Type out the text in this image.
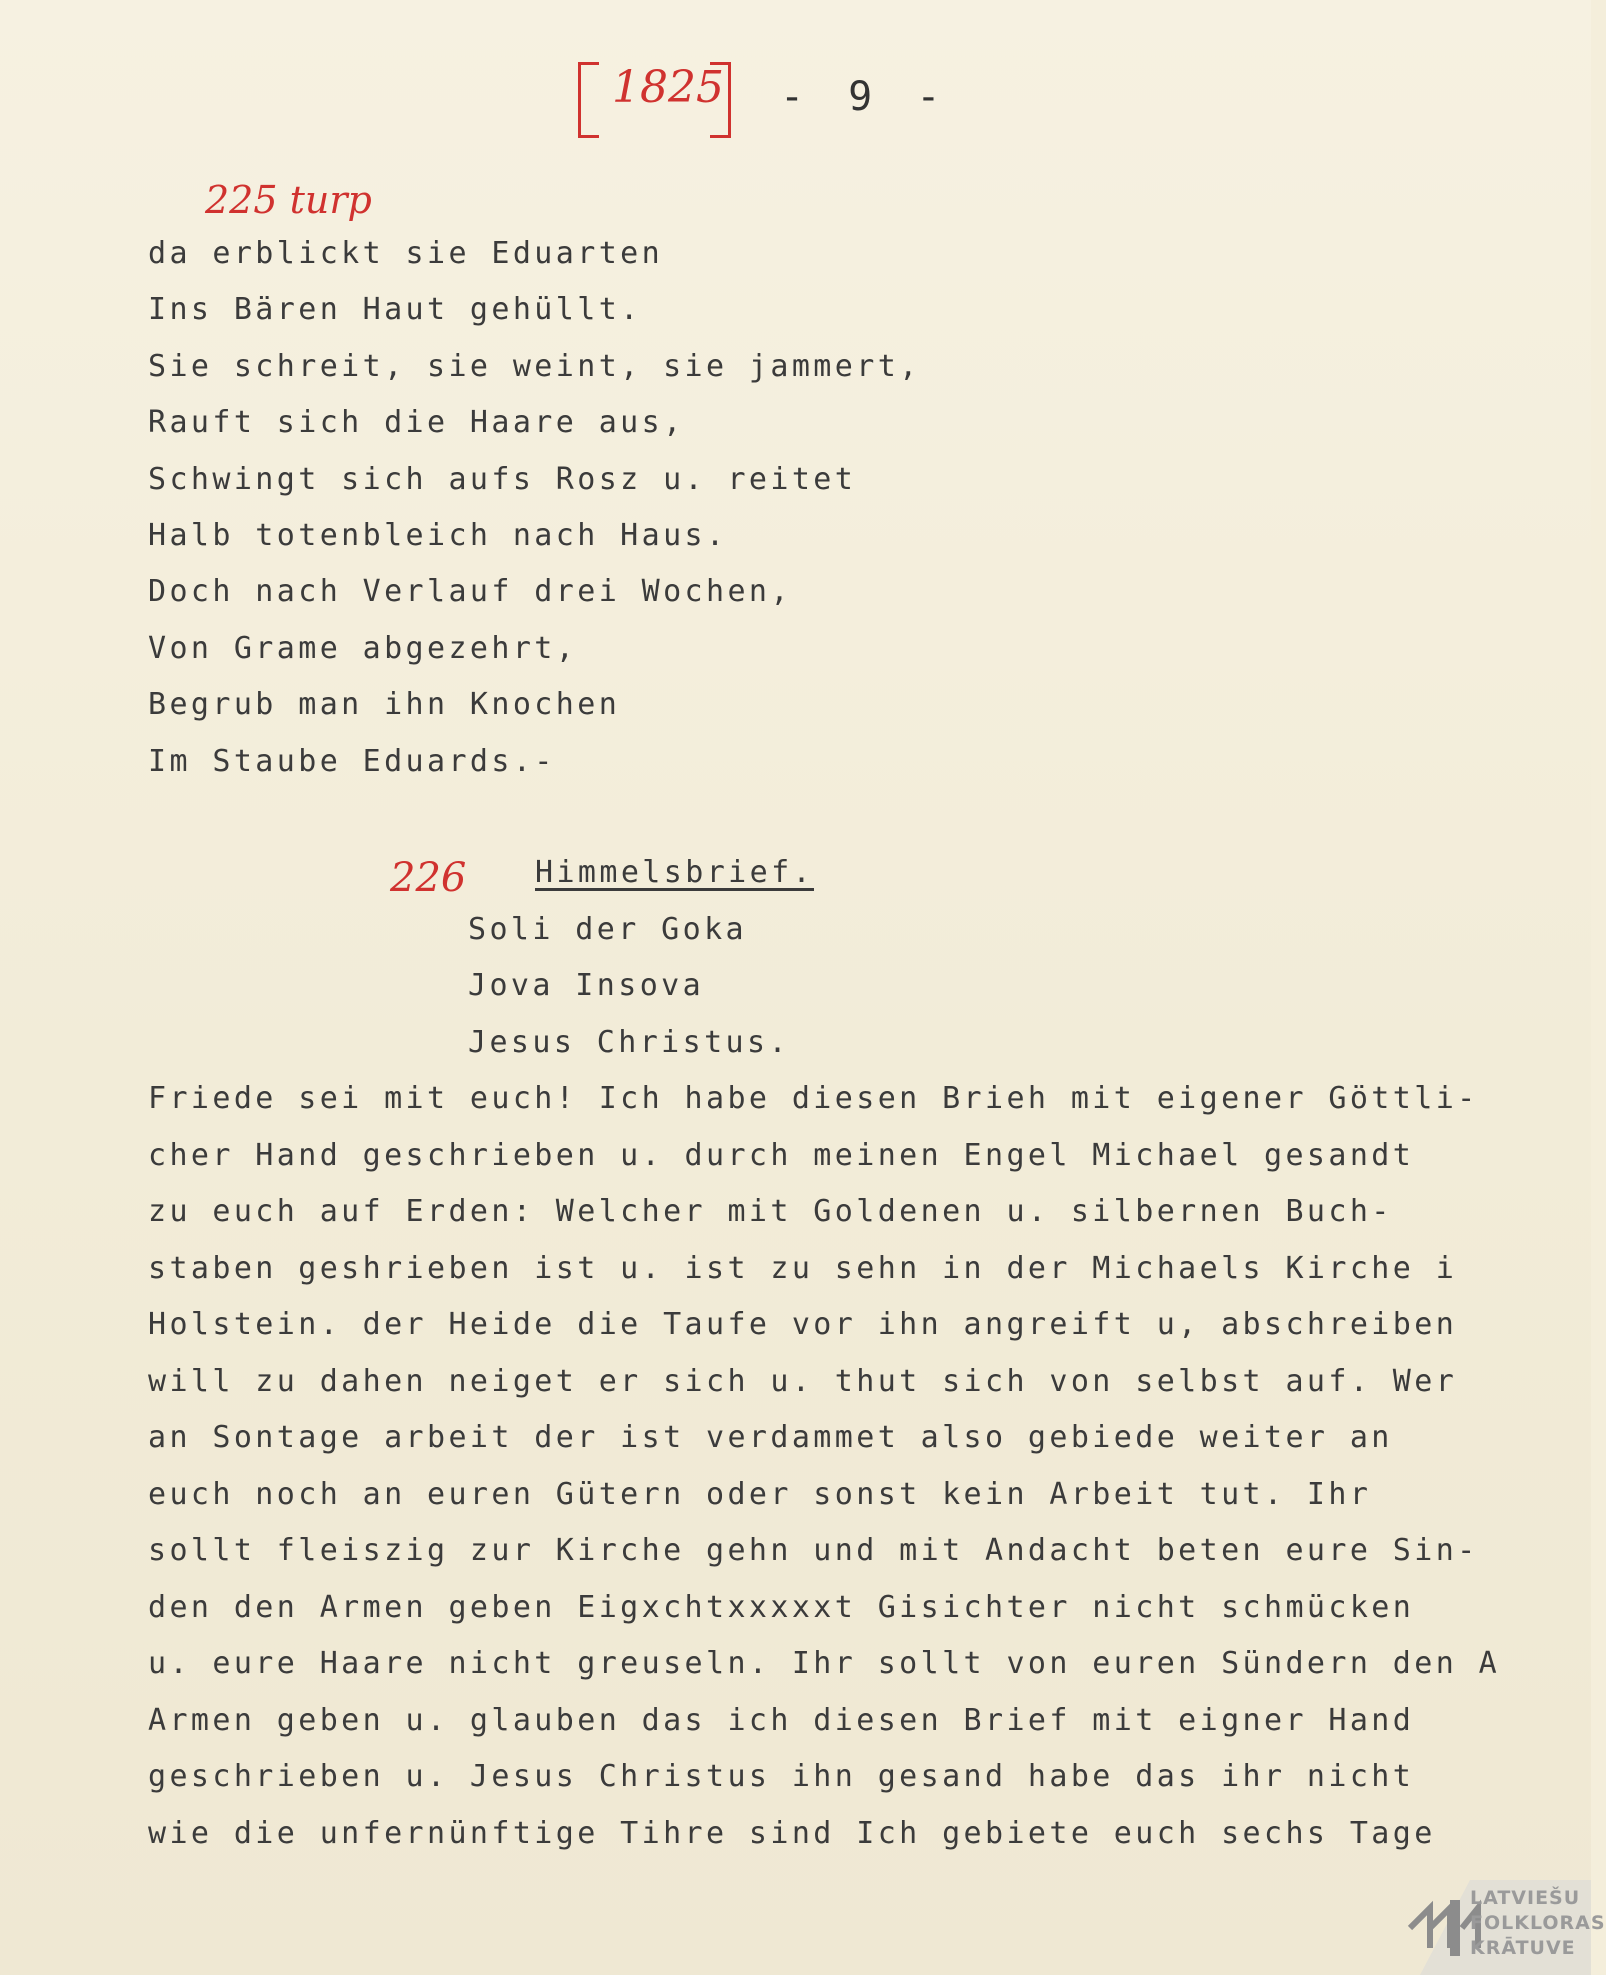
1825 - 9 -
225 turp
226
da erblickt sie Eduarten
Ins Bären Haut gehüllt.
Sie schreit, sie weint, sie jammert,
Rauft sich die Haare aus,
Schwingt sich aufs Rosz u. reitet
Halb totenbleich nach Haus.
Doch nach Verlauf drei Wochen,
Von Grame abgezehrt,
Begrub man ihn Knochen
Im Staube Eduards.-
Himmelsbrief.
Soli der Goka
Jova Insova
Jesus Christus.
Friede sei mit euch! Ich habe diesen Brieh mit eigener Göttli-
cher Hand geschrieben u. durch meinen Engel Michael gesandt
zu euch auf Erden: Welcher mit Goldenen u. silbernen Buch-
staben geshrieben ist u. ist zu sehn in der Michaels Kirche i
Holstein. der Heide die Taufe vor ihn angreift u, abschreiben
will zu dahen neiget er sich u. thut sich von selbst auf. Wer
an Sontage arbeit der ist verdammet also gebiede weiter an
euch noch an euren Gütern oder sonst kein Arbeit tut. Ihr
sollt fleiszig zur Kirche gehn und mit Andacht beten eure Sin-
den den Armen geben Eigxchtxxxxxt Gisichter nicht schmücken
u. eure Haare nicht greuseln. Ihr sollt von euren Sündern den A
Armen geben u. glauben das ich diesen Brief mit eigner Hand
geschrieben u. Jesus Christus ihn gesand habe das ihr nicht
wie die unfernünftige Tihre sind Ich gebiete euch sechs Tage
LATVIEŠU
FOLKLORAS
KRĀTUVE
